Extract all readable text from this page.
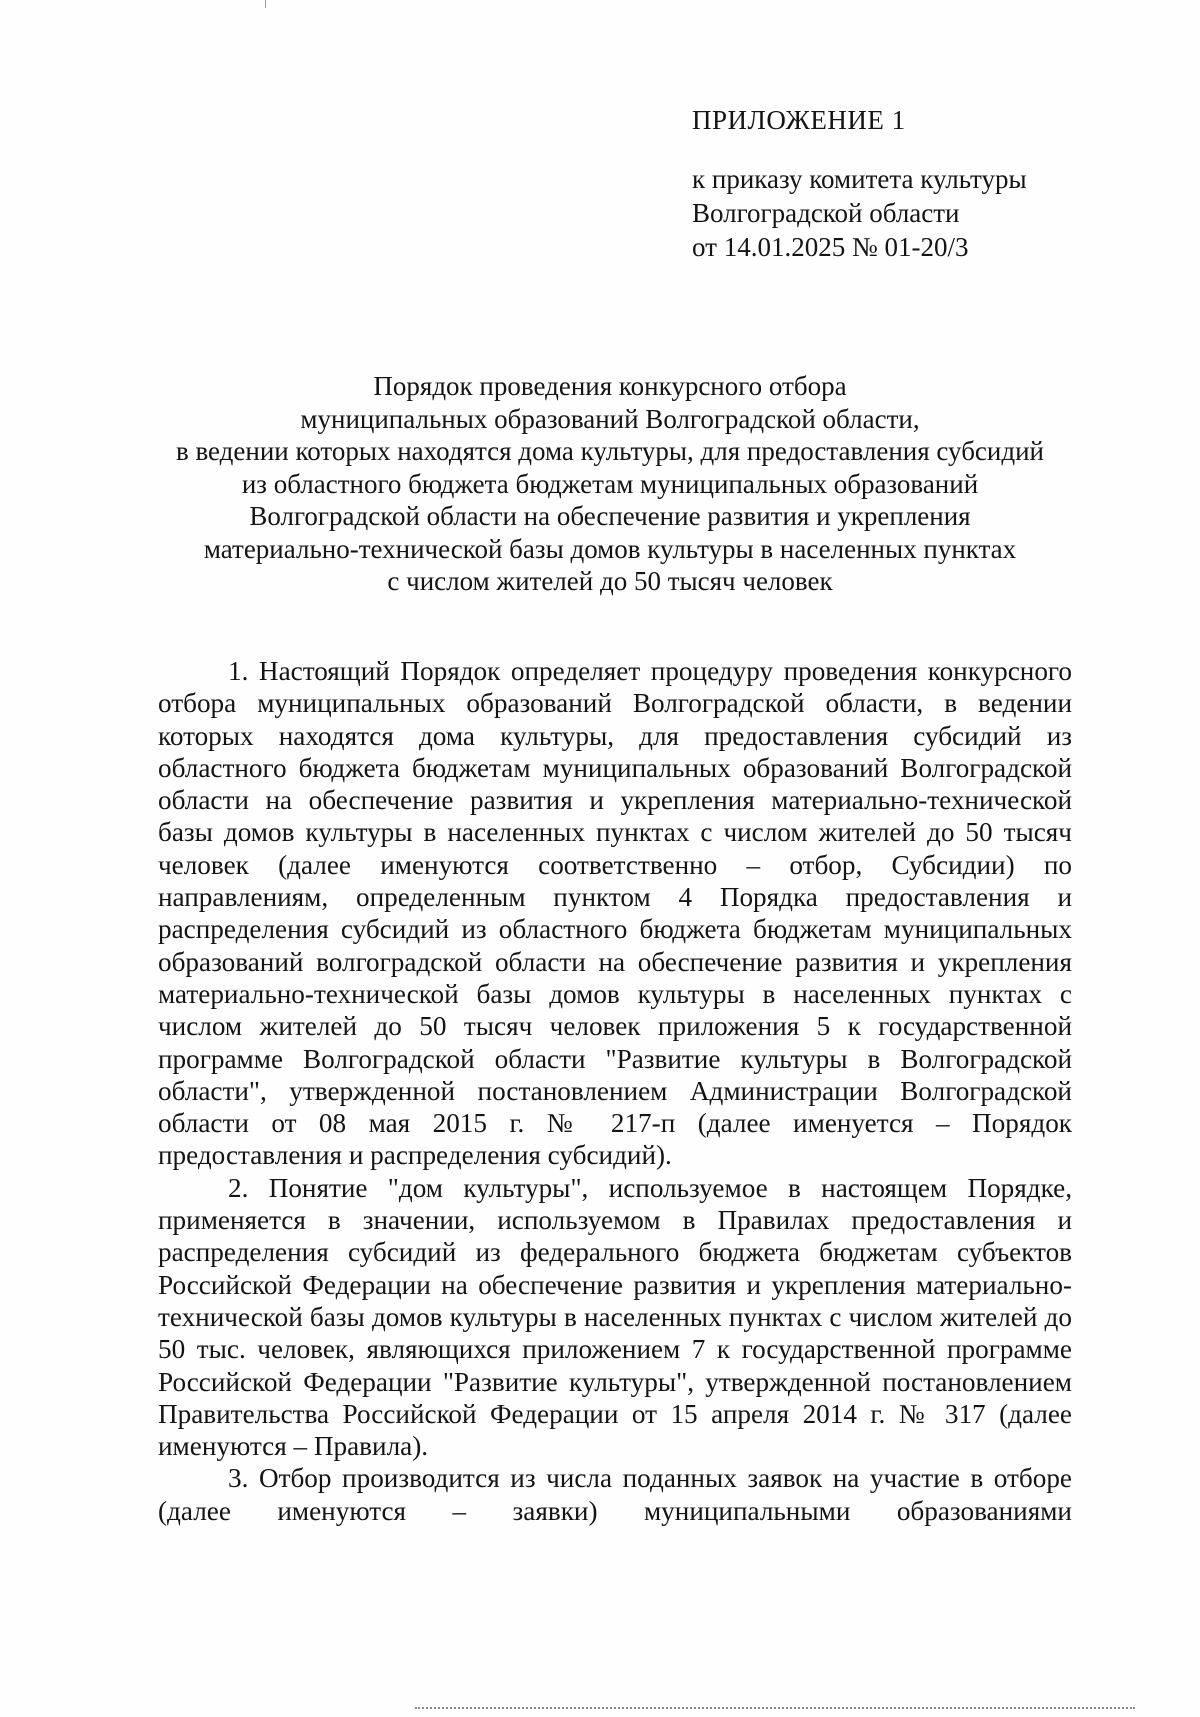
ПРИЛОЖЕНИЕ 1
к приказу комитета культуры
Волгоградской области
от 14.01.2025 № 01-20/3
Порядок проведения конкурсного отбора
муниципальных образований Волгоградской области,
в ведении которых находятся дома культуры, для предоставления субсидий
из областного бюджета бюджетам муниципальных образований
Волгоградской области на обеспечение развития и укрепления
материально-технической базы домов культуры в населенных пунктах
с числом жителей до 50 тысяч человек

1. Настоящий Порядок определяет процедуру проведения конкурсного отбора муниципальных образований Волгоградской области, в ведении которых находятся дома культуры, для предоставления субсидий из областного бюджета бюджетам муниципальных образований Волгоградской области на обеспечение развития и укрепления материально-технической базы домов культуры в населенных пунктах с числом жителей до 50 тысяч человек (далее именуются соответственно – отбор, Субсидии) по направлениям, определенным пунктом 4 Порядка предоставления и распределения субсидий из областного бюджета бюджетам муниципальных образований волгоградской области на обеспечение развития и укрепления материально-технической базы домов культуры в населенных пунктах с числом жителей до 50 тысяч человек приложения 5 к государственной программе Волгоградской области "Развитие культуры в Волгоградской области", утвержденной постановлением Администрации Волгоградской области от 08 мая 2015 г. № 217-п (далее именуется – Порядок предоставления и распределения субсидий).

2. Понятие "дом культуры", используемое в настоящем Порядке, применяется в значении, используемом в Правилах предоставления и распределения субсидий из федерального бюджета бюджетам субъектов Российской Федерации на обеспечение развития и укрепления материально-технической базы домов культуры в населенных пунктах с числом жителей до 50 тыс. человек, являющихся приложением 7 к государственной программе Российской Федерации "Развитие культуры", утвержденной постановлением Правительства Российской Федерации от 15 апреля 2014 г. № 317 (далее именуются – Правила).

3. Отбор производится из числа поданных заявок на участие в отборе (далее именуются – заявки) муниципальными образованиями
